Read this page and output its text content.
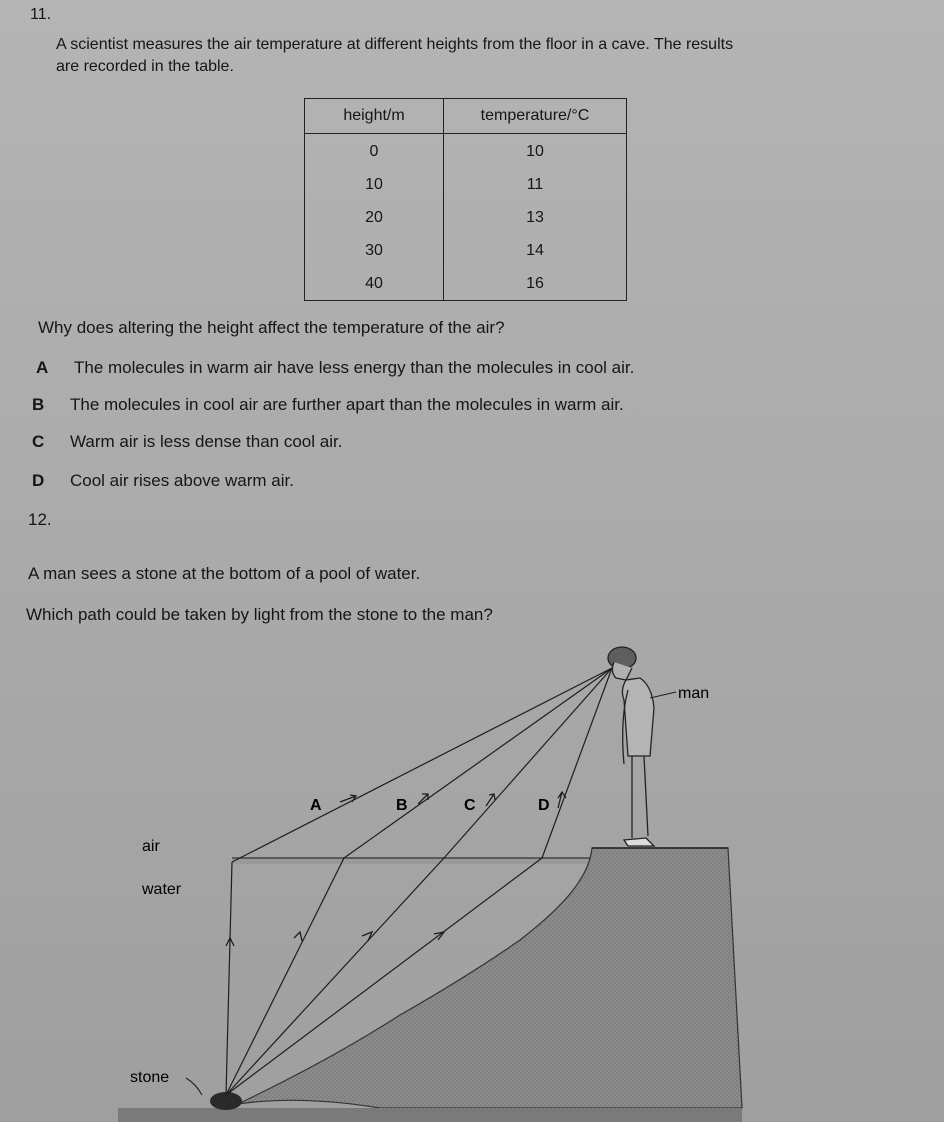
11.
A scientist measures the air temperature at different heights from the floor in a cave. The results
are recorded in the table.
height/m	temperature/°C
0	10
10	11
20	13
30	14
40	16
Why does altering the height affect the temperature of the air?
A The molecules in warm air have less energy than the molecules in cool air.
B The molecules in cool air are further apart than the molecules in warm air.
C Warm air is less dense than cool air.
D Cool air rises above warm air.
12.
A man sees a stone at the bottom of a pool of water.
Which path could be taken by light from the stone to the man?
man
air
water
stone
A	B	C	D
